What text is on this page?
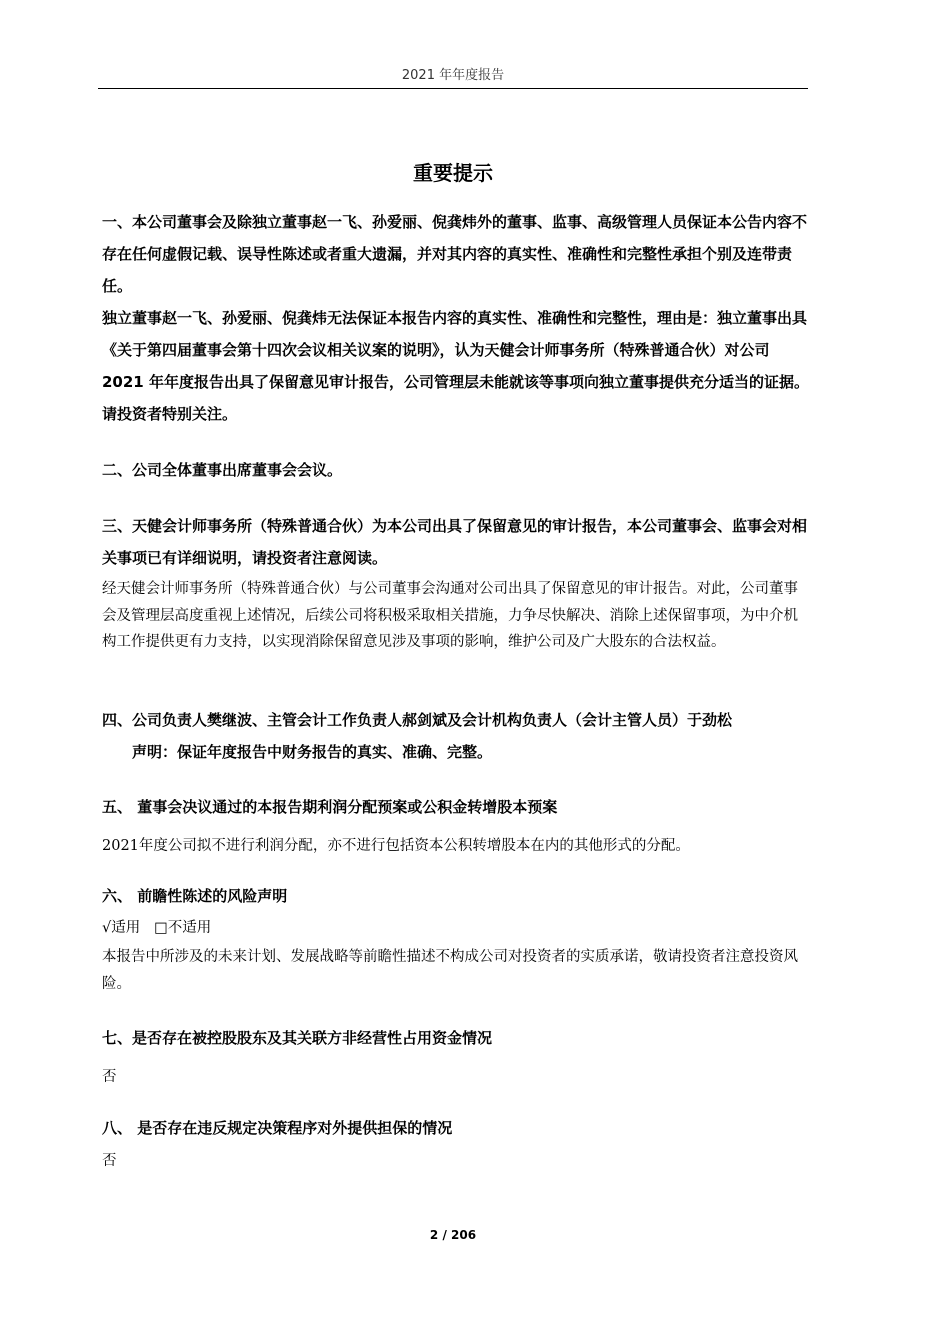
2021 年年度报告
重要提示
一、本公司董事会及除独立董事赵一飞、孙爱丽、倪龚炜外的董事、监事、高级管理人员保证本公告内容不存在任何虚假记载、误导性陈述或者重大遗漏，并对其内容的真实性、准确性和完整性承担个别及连带责任。
独立董事赵一飞、孙爱丽、倪龚炜无法保证本报告内容的真实性、准确性和完整性，理由是：独立董事出具《关于第四届董事会第十四次会议相关议案的说明》，认为天健会计师事务所（特殊普通合伙）对公司 2021 年年度报告出具了保留意见审计报告，公司管理层未能就该等事项向独立董事提供充分适当的证据。请投资者特别关注。
二、公司全体董事出席董事会会议。
三、天健会计师事务所（特殊普通合伙）为本公司出具了保留意见的审计报告，本公司董事会、监事会对相关事项已有详细说明，请投资者注意阅读。
经天健会计师事务所（特殊普通合伙）与公司董事会沟通对公司出具了保留意见的审计报告。对此，公司董事会及管理层高度重视上述情况，后续公司将积极采取相关措施，力争尽快解决、消除上述保留事项，为中介机构工作提供更有力支持，以实现消除保留意见涉及事项的影响，维护公司及广大股东的合法权益。
四、公司负责人樊继波、主管会计工作负责人郝剑斌及会计机构负责人（会计主管人员）于劲松
声明：保证年度报告中财务报告的真实、准确、完整。
五、 董事会决议通过的本报告期利润分配预案或公积金转增股本预案
2021年度公司拟不进行利润分配，亦不进行包括资本公积转增股本在内的其他形式的分配。
六、 前瞻性陈述的风险声明
√适用 □不适用
本报告中所涉及的未来计划、发展战略等前瞻性描述不构成公司对投资者的实质承诺，敬请投资者注意投资风险。
七、是否存在被控股股东及其关联方非经营性占用资金情况
否
八、 是否存在违反规定决策程序对外提供担保的情况
否
2 / 206
